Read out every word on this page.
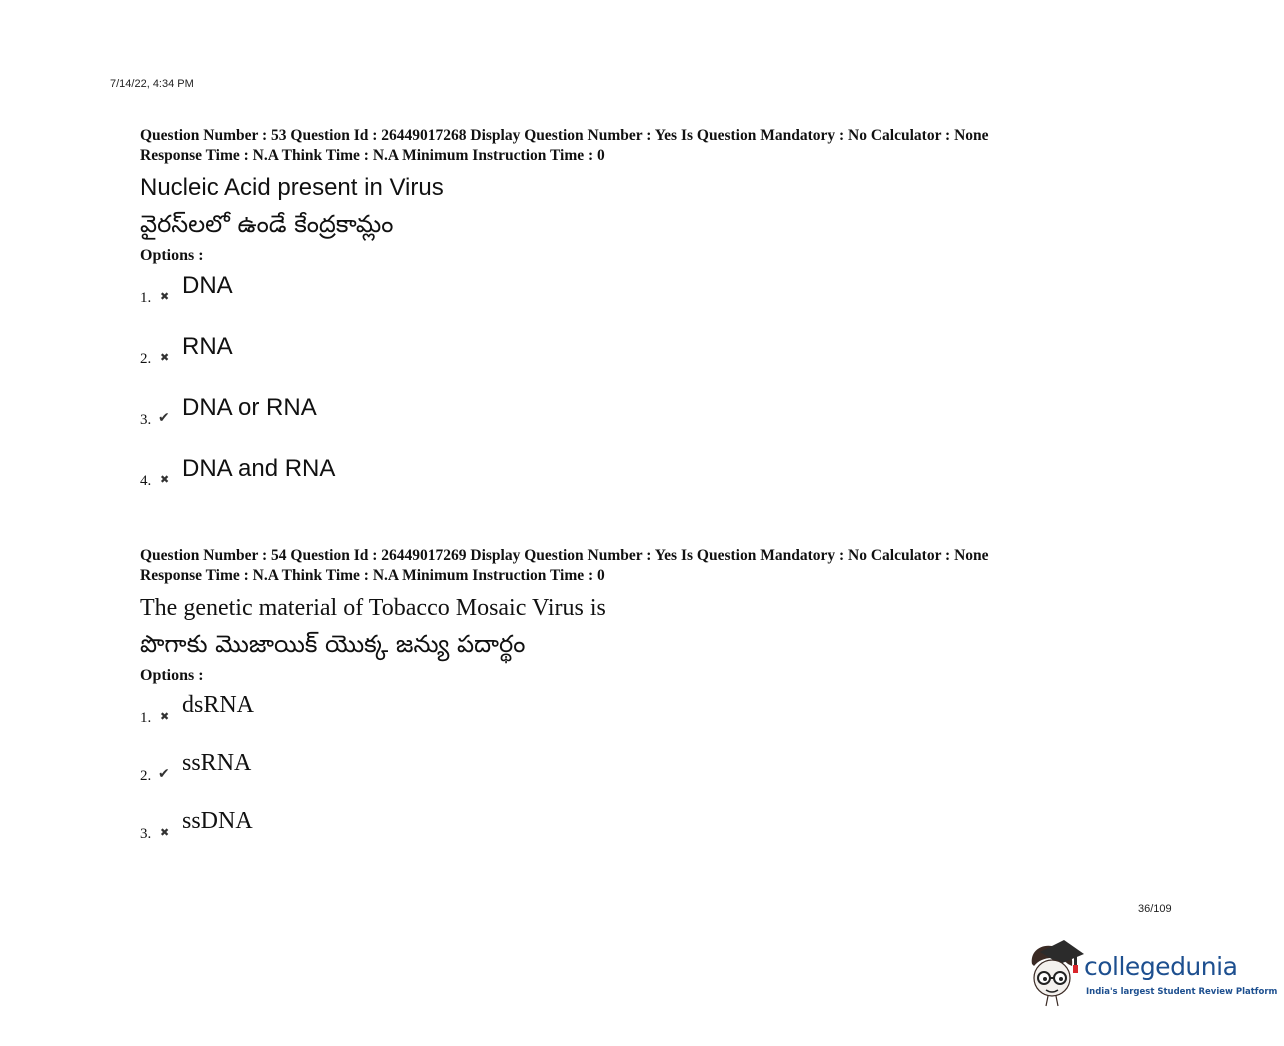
7/14/22, 4:34 PM
Question Number : 53 Question Id : 26449017268 Display Question Number : Yes Is Question Mandatory : No Calculator : None
Response Time : N.A Think Time : N.A Minimum Instruction Time : 0
Nucleic Acid present in Virus
వైరస్‌లలో ఉండే కేంద్రకామ్లం
Options :
1. ✖ DNA
2. ✖ RNA
3. ✔ DNA or RNA
4. ✖ DNA and RNA
Question Number : 54 Question Id : 26449017269 Display Question Number : Yes Is Question Mandatory : No Calculator : None
Response Time : N.A Think Time : N.A Minimum Instruction Time : 0
The genetic material of Tobacco Mosaic Virus is
పొగాకు మొజాయిక్ యొక్క జన్యు పదార్థం
Options :
1. ✖ dsRNA
2. ✔ ssRNA
3. ✖ ssDNA
36/109
collegedunia
India's largest Student Review Platform
